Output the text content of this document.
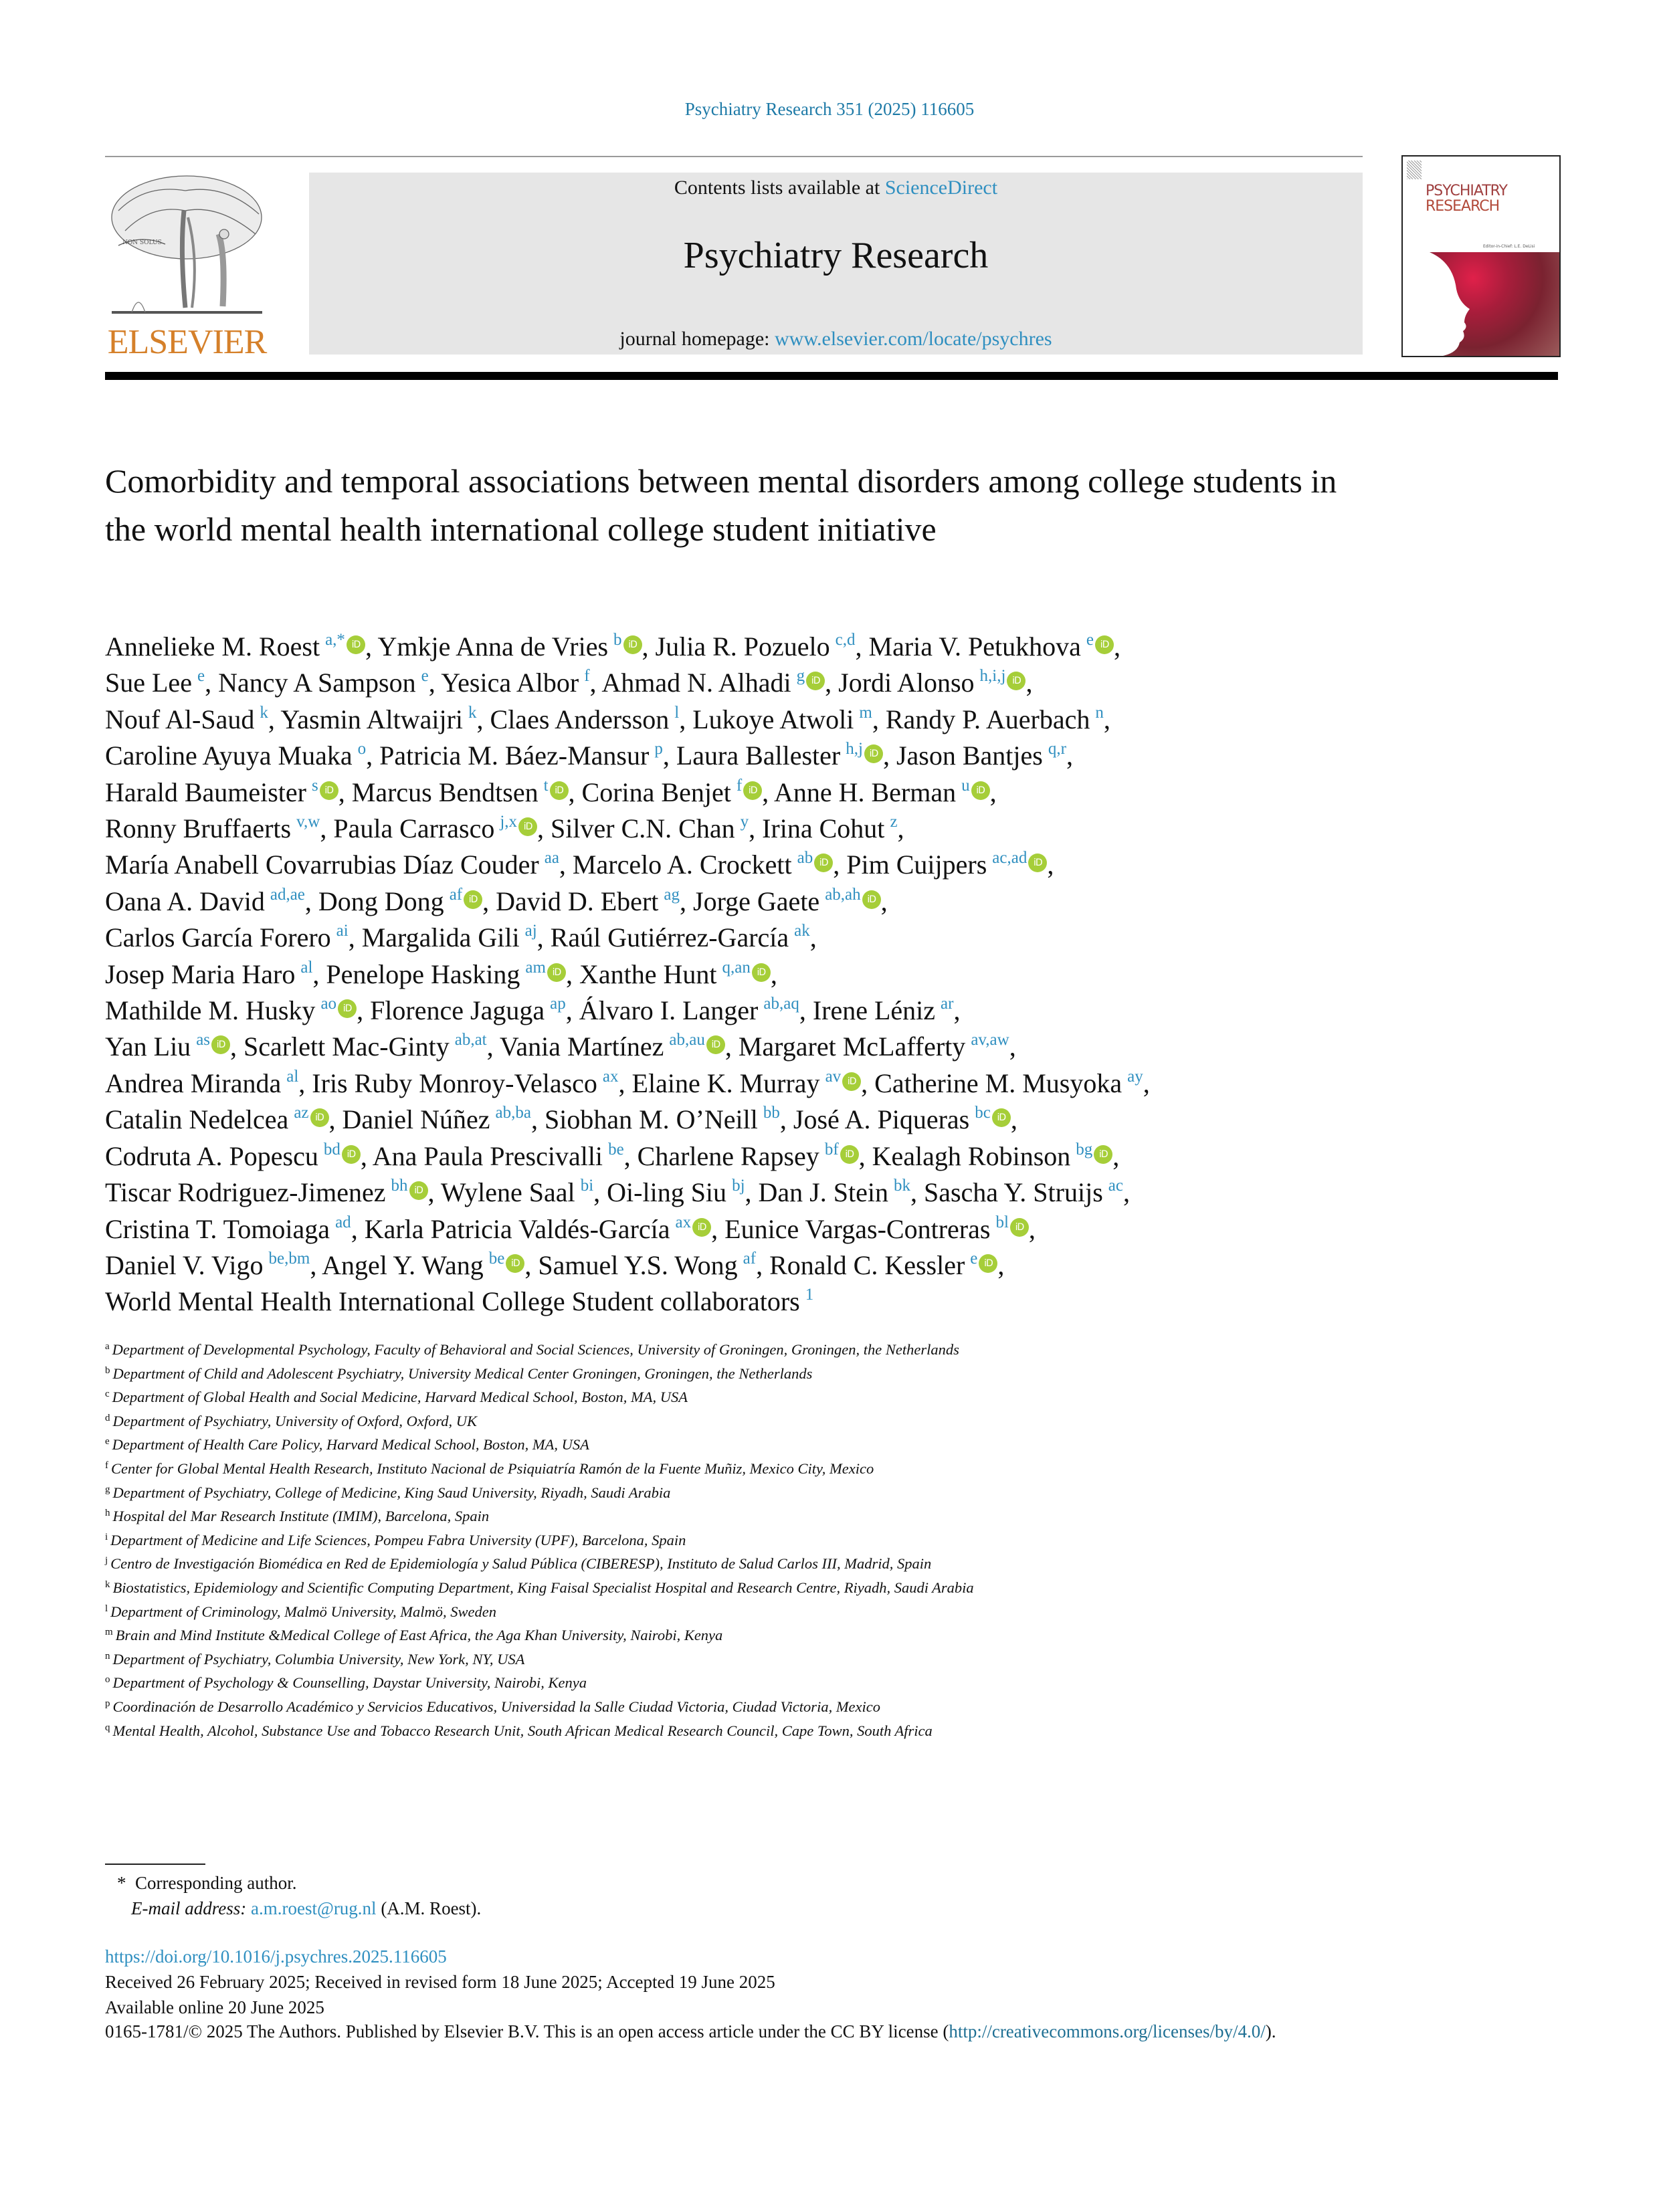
Psychiatry Research 351 (2025) 116605
NON SOLUS
ELSEVIER
Contents lists available at ScienceDirect
Psychiatry Research
journal homepage: www.elsevier.com/locate/psychres
PSYCHIATRY
RESEARCH
Editor-in-Chief: L.E. DeLisi
Comorbidity and temporal associations between mental disorders among college students in the world mental health international college student initiative
Annelieke M. Roest  $^{a,*}$ iD , Ymkje Anna de Vries  $^b$ iD , Julia R. Pozuelo  $^{c,d}$, Maria V. Petukhova  $^e$ iD ,
Sue Lee  $^e$, Nancy A Sampson  $^e$, Yesica Albor  $^f$, Ahmad N. Alhadi  $^g$ iD , Jordi Alonso  $^{h,i,j}$ iD ,
Nouf Al-Saud  $^k$, Yasmin Altwaijri  $^k$, Claes Andersson  $^l$, Lukoye Atwoli  $^m$, Randy P. Auerbach  $^n$,
Caroline Ayuya Muaka  $^o$, Patricia M. Báez-Mansur  $^p$, Laura Ballester  $^{h,j}$ iD , Jason Bantjes  $^{q,r}$,
Harald Baumeister  $^s$ iD , Marcus Bendtsen  $^t$ iD , Corina Benjet  $^f$ iD , Anne H. Berman  $^u$ iD ,
Ronny Bruffaerts  $^{v,w}$, Paula Carrasco  $^{j,x}$ iD , Silver C.N. Chan  $^y$, Irina Cohut  $^z$,
María Anabell Covarrubias Díaz Couder  $^{aa}$, Marcelo A. Crockett  $^{ab}$ iD , Pim Cuijpers  $^{ac,ad}$ iD ,
Oana A. David  $^{ad,ae}$, Dong Dong  $^{af}$ iD , David D. Ebert  $^{ag}$, Jorge Gaete  $^{ab,ah}$ iD ,
Carlos García Forero  $^{ai}$, Margalida Gili  $^{aj}$, Raúl Gutiérrez-García  $^{ak}$,
Josep Maria Haro  $^{al}$, Penelope Hasking  $^{am}$ iD , Xanthe Hunt  $^{q,an}$ iD ,
Mathilde M. Husky  $^{ao}$ iD , Florence Jaguga  $^{ap}$, Álvaro I. Langer  $^{ab,aq}$, Irene Léniz  $^{ar}$,
Yan Liu  $^{as}$ iD , Scarlett Mac-Ginty  $^{ab,at}$, Vania Martínez  $^{ab,au}$ iD , Margaret McLafferty  $^{av,aw}$,
Andrea Miranda  $^{al}$, Iris Ruby Monroy-Velasco  $^{ax}$, Elaine K. Murray  $^{av}$ iD , Catherine M. Musyoka  $^{ay}$,
Catalin Nedelcea  $^{az}$ iD , Daniel Núñez  $^{ab,ba}$, Siobhan M. O’Neill  $^{bb}$, José A. Piqueras  $^{bc}$ iD ,
Codruta A. Popescu  $^{bd}$ iD , Ana Paula Prescivalli  $^{be}$, Charlene Rapsey  $^{bf}$ iD , Kealagh Robinson  $^{bg}$ iD ,
Tiscar Rodriguez-Jimenez  $^{bh}$ iD , Wylene Saal  $^{bi}$, Oi-ling Siu  $^{bj}$, Dan J. Stein  $^{bk}$, Sascha Y. Struijs  $^{ac}$,
Cristina T. Tomoiaga  $^{ad}$, Karla Patricia Valdés-García  $^{ax}$ iD , Eunice Vargas-Contreras  $^{bl}$ iD ,
Daniel V. Vigo  $^{be,bm}$, Angel Y. Wang  $^{be}$ iD , Samuel Y.S. Wong  $^{af}$, Ronald C. Kessler  $^e$ iD ,
World Mental Health International College Student collaborators  $^1$
$^a$ Department of Developmental Psychology, Faculty of Behavioral and Social Sciences, University of Groningen, Groningen, the Netherlands
$^b$ Department of Child and Adolescent Psychiatry, University Medical Center Groningen, Groningen, the Netherlands
$^c$ Department of Global Health and Social Medicine, Harvard Medical School, Boston, MA, USA
$^d$ Department of Psychiatry, University of Oxford, Oxford, UK
$^e$ Department of Health Care Policy, Harvard Medical School, Boston, MA, USA
$^f$ Center for Global Mental Health Research, Instituto Nacional de Psiquiatría Ramón de la Fuente Muñiz, Mexico City, Mexico
$^g$ Department of Psychiatry, College of Medicine, King Saud University, Riyadh, Saudi Arabia
$^h$ Hospital del Mar Research Institute (IMIM), Barcelona, Spain
$^i$ Department of Medicine and Life Sciences, Pompeu Fabra University (UPF), Barcelona, Spain
$^j$ Centro de Investigación Biomédica en Red de Epidemiología y Salud Pública (CIBERESP), Instituto de Salud Carlos III, Madrid, Spain
$^k$ Biostatistics, Epidemiology and Scientific Computing Department, King Faisal Specialist Hospital and Research Centre, Riyadh, Saudi Arabia
$^l$ Department of Criminology, Malmö University, Malmö, Sweden
$^m$ Brain and Mind Institute &Medical College of East Africa, the Aga Khan University, Nairobi, Kenya
$^n$ Department of Psychiatry, Columbia University, New York, NY, USA
$^o$ Department of Psychology & Counselling, Daystar University, Nairobi, Kenya
$^p$ Coordinación de Desarrollo Académico y Servicios Educativos, Universidad la Salle Ciudad Victoria, Ciudad Victoria, Mexico
$^q$ Mental Health, Alcohol, Substance Use and Tobacco Research Unit, South African Medical Research Council, Cape Town, South Africa
* Corresponding author.
E-mail address: a.m.roest@rug.nl (A.M. Roest).
https://doi.org/10.1016/j.psychres.2025.116605
Received 26 February 2025; Received in revised form 18 June 2025; Accepted 19 June 2025
Available online 20 June 2025
0165-1781/© 2025 The Authors. Published by Elsevier B.V. This is an open access article under the CC BY license (http://creativecommons.org/licenses/by/4.0/).
